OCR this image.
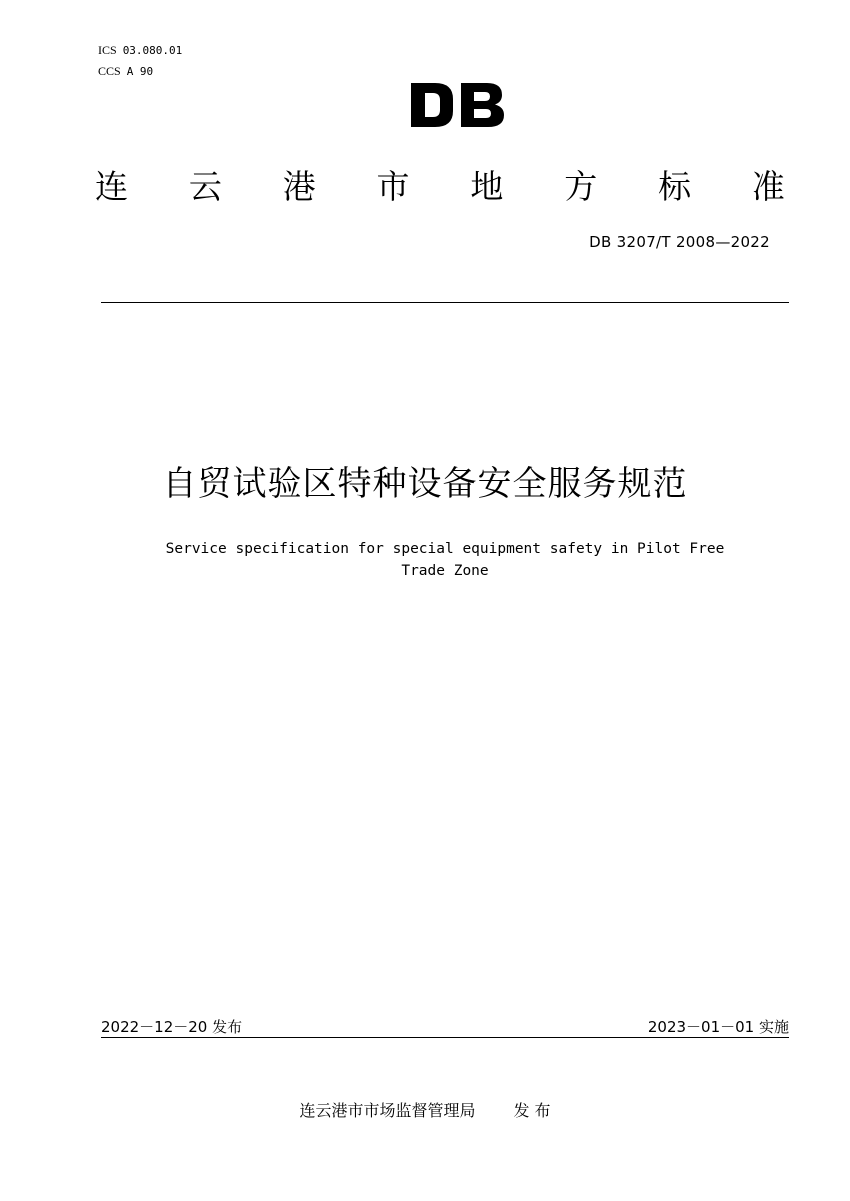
ICS 03.080.01
CCS A 90
连 云 港 市 地 方 标 准
DB 3207/T 2008—2022
自贸试验区特种设备安全服务规范
Service specification for special equipment safety in Pilot Free
Trade Zone
2022－12－20 发布	2023－01－01 实施
连云港市市场监督管理局 发 布
